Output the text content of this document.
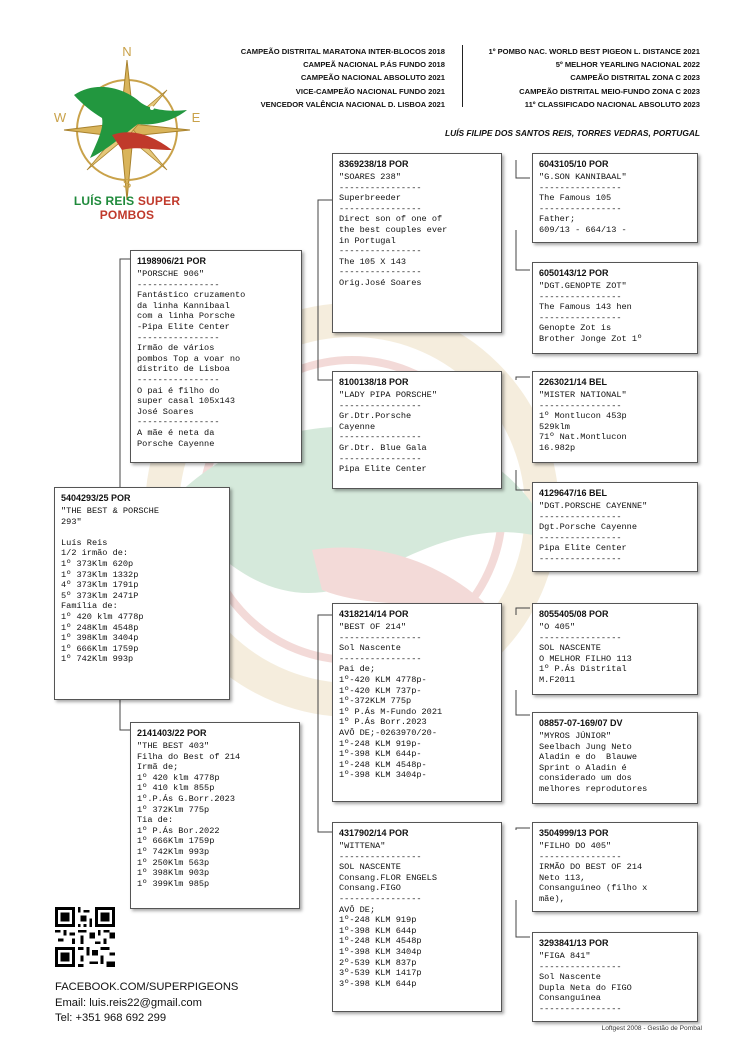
N
S
E
W
LUÍS REIS SUPER POMBOS
CAMPEÃO DISTRITAL MARATONA INTER-BLOCOS 2018
CAMPEÃ NACIONAL P.ÁS FUNDO 2018
CAMPEÃO NACIONAL ABSOLUTO 2021
VICE-CAMPEÃO NACIONAL FUNDO 2021
VENCEDOR VALÊNCIA NACIONAL D. LISBOA 2021
1º POMBO NAC. WORLD BEST PIGEON L. DISTANCE 2021
5º MELHOR YEARLING NACIONAL 2022
CAMPEÃO DISTRITAL ZONA C 2023
CAMPEÃO DISTRITAL MEIO-FUNDO ZONA C 2023
11º CLASSIFICADO NACIONAL ABSOLUTO 2023
LUÍS FILIPE DOS SANTOS REIS, TORRES VEDRAS, PORTUGAL
5404293/25 POR
"THE BEST & PORSCHE
293"

Luís Reis
1/2 irmão de:
1º 373Klm 620p
1º 373Klm 1332p
4º 373Klm 1791p
5º 373Klm 2471P
Família de:
1º 420 klm 4778p
1º 248Klm 4548p
1º 398Klm 3404p
1º 666Klm 1759p
1º 742Klm 993p
1198906/21 POR
"PORSCHE 906"
----------------
Fantástico cruzamento
da linha Kannibaal
com a linha Porsche
-Pipa Elite Center
----------------
Irmão de vários
pombos Top a voar no
distrito de Lisboa
----------------
O pai é filho do
super casal 105x143
José Soares
----------------
A mãe é neta da
Porsche Cayenne
2141403/22 POR
"THE BEST 403"
Filha do Best of 214
Irmã de;
1º 420 klm 4778p
1º 410 klm 855p
1º.P.Ás G.Borr.2023
1º 372Klm 775p
Tia de:
1º P.Ás Bor.2022
1º 666Klm 1759p
1º 742Klm 993p
1º 250Klm 563p
1º 398Klm 903p
1º 399Klm 985p
8369238/18 POR
"SOARES 238"
----------------
Superbreeder
----------------
Direct son of one of
the best couples ever
in Portugal
----------------
The 105 X 143
----------------
Orig.José Soares
8100138/18 POR
"LADY PIPA PORSCHE"
----------------
Gr.Dtr.Porsche
Cayenne
----------------
Gr.Dtr. Blue Gala
----------------
Pipa Elite Center
4318214/14 POR
"BEST OF 214"
----------------
Sol Nascente
----------------
Pai de;
1º-420 KLM 4778p-
1º-420 KLM 737p-
1º-372KLM 775p
1º P.Ás M-Fundo 2021
1º P.Ás Borr.2023
AVÔ DE;-0263970/20-
1º-248 KLM 919p-
1º-398 KLM 644p-
1º-248 KLM 4548p-
1º-398 KLM 3404p-
4317902/14 POR
"WITTENA"
----------------
SOL NASCENTE
Consang.FLOR ENGELS
Consang.FIGO
----------------
AVÔ DE;
1º-248 KLM 919p
1º-398 KLM 644p
1º-248 KLM 4548p
1º-398 KLM 3404p
2º-539 KLM 837p
3º-539 KLM 1417p
3º-398 KLM 644p
6043105/10 POR
"G.SON KANNIBAAL"
----------------
The Famous 105
----------------
Father;
609/13 - 664/13 -
6050143/12 POR
"DGT.GENOPTE ZOT"
----------------
The Famous 143 hen
----------------
Genopte Zot is
Brother Jonge Zot 1º
2263021/14 BEL
"MISTER NATIONAL"
----------------
1º Montlucon 453p
529klm
71º Nat.Montlucon
16.982p
4129647/16 BEL
"DGT.PORSCHE CAYENNE"
----------------
Dgt.Porsche Cayenne
----------------
Pipa Elite Center
----------------
8055405/08 POR
"O 405"
----------------
SOL NASCENTE
O MELHOR FILHO 113
1º P.Ás Distrital
M.F2011
08857-07-169/07 DV
"MYROS JÚNIOR"
Seelbach Jung Neto
Aladin e do  Blauwe
Sprint o Aladin é
considerado um dos
melhores reprodutores
3504999/13 POR
"FILHO DO 405"
----------------
IRMÃO DO BEST OF 214
Neto 113,
Consanguineo (filho x
mãe),
3293841/13 POR
"FIGA 841"
----------------
Sol Nascente
Dupla Neta do FIGO
Consanguinea
----------------
FACEBOOK.COM/SUPERPIGEONS
Email: luis.reis22@gmail.com
Tel: +351 968 692 299
Loftgest 2008 - Gestão de Pombal
